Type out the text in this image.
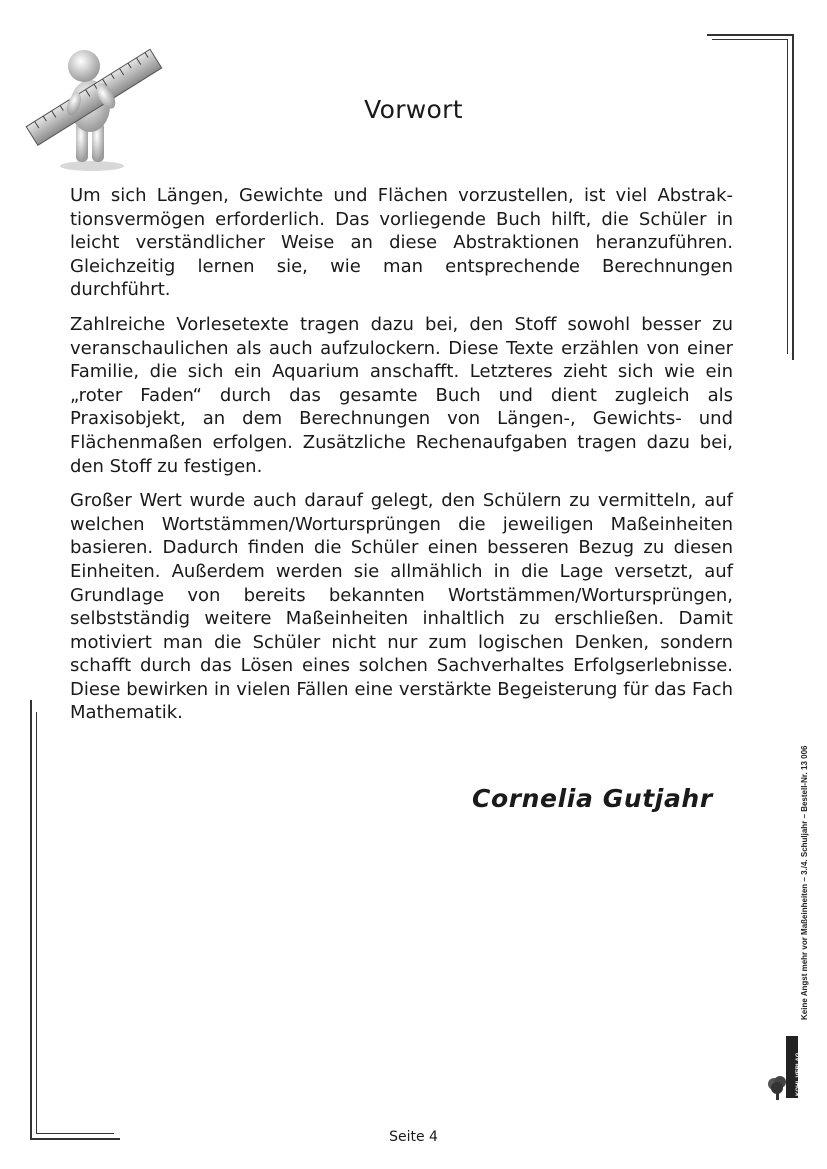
Vorwort

Um sich Längen, Gewichte und Flächen vorzustellen, ist viel Abstraktionsvermögen erforderlich. Das vorliegende Buch hilft, die Schüler in leicht verständlicher Weise an diese Abstraktionen heranzuführen. Gleichzeitig lernen sie, wie man entsprechende Berechnungen durchführt.

Zahlreiche Vorlesetexte tragen dazu bei, den Stoff sowohl besser zu veranschaulichen als auch aufzulockern. Diese Texte erzählen von einer Familie, die sich ein Aquarium anschafft. Letzteres zieht sich wie ein „roter Faden“ durch das gesamte Buch und dient zugleich als Praxisobjekt, an dem Berechnungen von Längen-, Gewichts- und Flächenmaßen erfolgen. Zusätzliche Rechenaufgaben tragen dazu bei, den Stoff zu festigen.

Großer Wert wurde auch darauf gelegt, den Schülern zu vermitteln, auf welchen Wortstämmen/Wortursprüngen die jeweiligen Maßeinheiten basieren. Dadurch finden die Schüler einen besseren Bezug zu diesen Einheiten. Außerdem werden sie allmählich in die Lage versetzt, auf Grundlage von bereits bekannten Wortstämmen/Wortursprüngen, selbstständig weitere Maßeinheiten inhaltlich zu erschließen. Damit motiviert man die Schüler nicht nur zum logischen Denken, sondern schafft durch das Lösen eines solchen Sachverhaltes Erfolgserlebnisse. Diese bewirken in vielen Fällen eine verstärkte Begeisterung für das Fach Mathematik.

Cornelia Gutjahr
Seite 4
Keine Angst mehr vor Maßeinheiten – 3./4. Schuljahr – Bestell-Nr. 13 006
KOHL VERLAG
